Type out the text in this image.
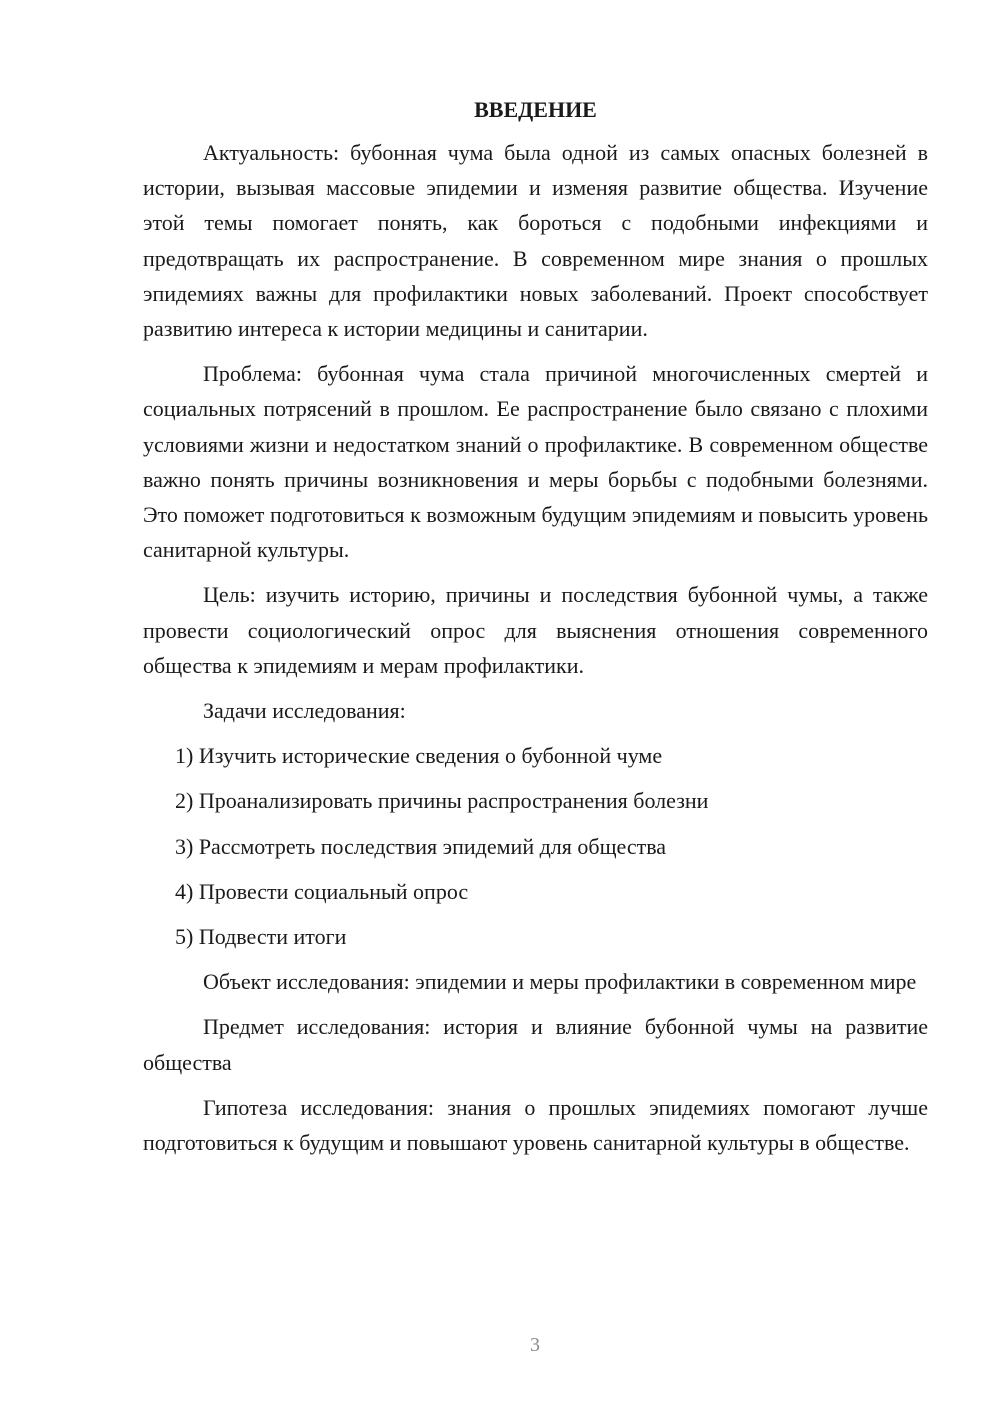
ВВЕДЕНИЕ

Актуальность: бубонная чума была одной из самых опасных болезней в истории, вызывая массовые эпидемии и изменяя развитие общества. Изучение этой темы помогает понять, как бороться с подобными инфекциями и предотвращать их распространение. В современном мире знания о прошлых эпидемиях важны для профилактики новых заболеваний. Проект способствует развитию интереса к истории медицины и санитарии.

Проблема: бубонная чума стала причиной многочисленных смертей и социальных потрясений в прошлом. Ее распространение было связано с плохими условиями жизни и недостатком знаний о профилактике. В современном обществе важно понять причины возникновения и меры борьбы с подобными болезнями. Это поможет подготовиться к возможным будущим эпидемиям и повысить уровень санитарной культуры.

Цель: изучить историю, причины и последствия бубонной чумы, а также провести социологический опрос для выяснения отношения современного общества к эпидемиям и мерам профилактики.

Задачи исследования:

1) Изучить исторические сведения о бубонной чуме

2) Проанализировать причины распространения болезни

3) Рассмотреть последствия эпидемий для общества

4) Провести социальный опрос

5) Подвести итоги

Объект исследования: эпидемии и меры профилактики в современном мире

Предмет исследования: история и влияние бубонной чумы на развитие общества

Гипотеза исследования: знания о прошлых эпидемиях помогают лучше подготовиться к будущим и повышают уровень санитарной культуры в обществе.

3
